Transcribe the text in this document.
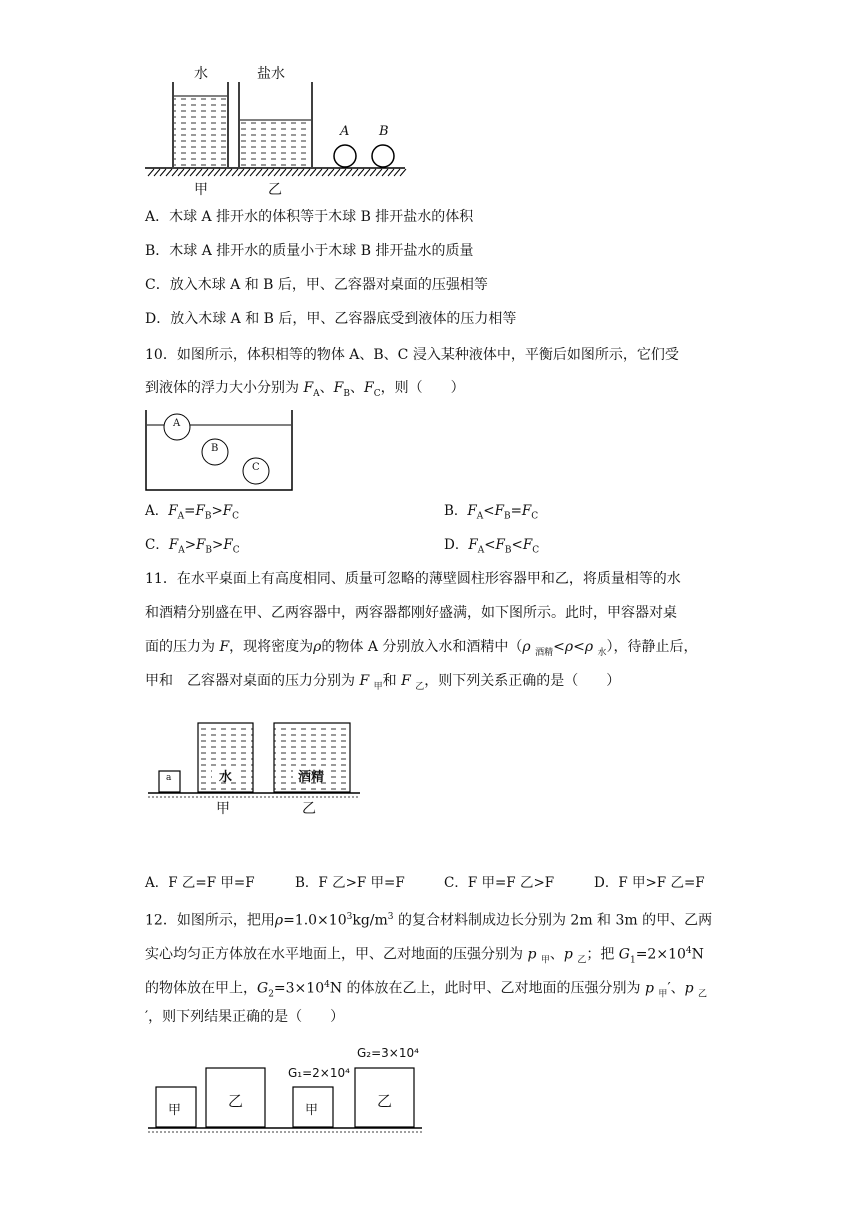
水	盐水
A B
甲	乙
A．木球 A 排开水的体积等于木球 B 排开盐水的体积
B．木球 A 排开水的质量小于木球 B 排开盐水的质量
C．放入木球 A 和 B 后，甲、乙容器对桌面的压强相等
D．放入木球 A 和 B 后，甲、乙容器底受到液体的压力相等
10．如图所示，体积相等的物体 A、B、C 浸入某种液体中，平衡后如图所示，它们受
到液体的浮力大小分别为 $F_A$、$F_B$、$F_C$，则（　　）
A
B
C
A．$F_A=F_B>F_C$	B．$F_A<F_B=F_C$
C．$F_A>F_B>F_C$	D．$F_A<F_B<F_C$
11．在水平桌面上有高度相同、质量可忽略的薄壁圆柱形容器甲和乙，将质量相等的水
和酒精分别盛在甲、乙两容器中，两容器都刚好盛满，如下图所示。此时，甲容器对桌
面的压力为 F，现将密度为ρ的物体 A 分别放入水和酒精中（ρ $_{酒精}$<ρ<ρ $_水$），待静止后，
甲和　乙容器对桌面的压力分别为 F $_甲$和 F $_乙$，则下列关系正确的是（　　）
a	水	酒精
甲	乙
A．F 乙=F 甲=F	B．F 乙>F 甲=F	C．F 甲=F 乙>F	D．F 甲>F 乙=F
12．如图所示，把用$\rho=1.0\times 10^3kg/m^3$ 的复合材料制成边长分别为 2m 和 3m 的甲、乙两
实心均匀正方体放在水平地面上，甲、乙对地面的压强分别为 p $_甲$、p $_乙$；把 $G_1=2\times 10^4N$
的物体放在甲上，$G_2=3\times 10^4N$ 的体放在乙上，此时甲、乙对地面的压强分别为 p $_甲$′、p $_乙$
′，则下列结果正确的是（　　）
甲
乙
甲
乙
G₁=2×10⁴
G₂=3×10⁴
